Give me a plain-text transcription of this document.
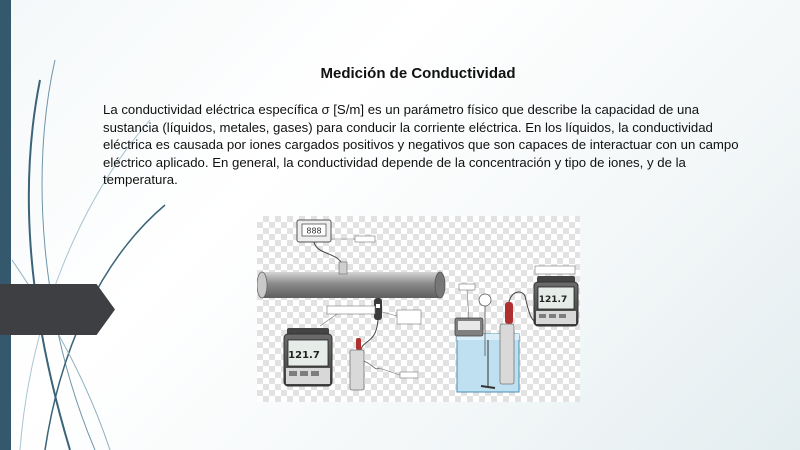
Medición de Conductividad
La conductividad eléctrica específica σ [S/m] es un parámetro físico que describe la capacidad de una sustancia (líquidos, metales, gases) para conducir la corriente eléctrica. En los líquidos, la conductividad eléctrica es causada por iones cargados positivos y negativos que son capaces de interactuar con un campo eléctrico aplicado. En general, la conductividad depende de la concentración y tipo de iones, y de la temperatura.
888
121.7
121.7
